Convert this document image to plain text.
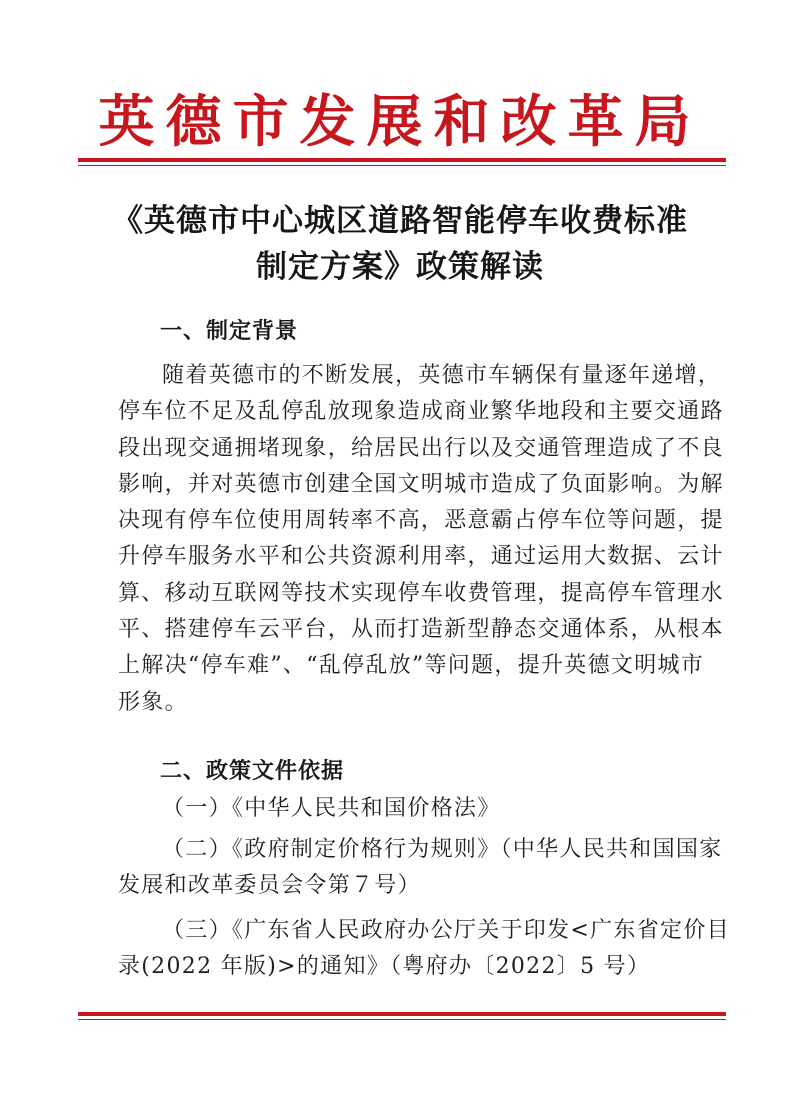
英德市发展和改革局
《英德市中心城区道路智能停车收费标准
制定方案》政策解读
一、制定背景
随着英德市的不断发展，英德市车辆保有量逐年递增，
停车位不足及乱停乱放现象造成商业繁华地段和主要交通路
段出现交通拥堵现象，给居民出行以及交通管理造成了不良
影响，并对英德市创建全国文明城市造成了负面影响。为解
决现有停车位使用周转率不高，恶意霸占停车位等问题，提
升停车服务水平和公共资源利用率，通过运用大数据、云计
算、移动互联网等技术实现停车收费管理，提高停车管理水
平、搭建停车云平台，从而打造新型静态交通体系，从根本
上解决“停车难”、“乱停乱放”等问题，提升英德文明城市
形象。
二、政策文件依据
（一）《中华人民共和国价格法》
（二）《政府制定价格行为规则》（中华人民共和国国家
发展和改革委员会令第７号）
（三）《广东省人民政府办公厅关于印发<广东省定价目
录(2022 年版)>的通知》（粤府办〔2022〕5 号）
